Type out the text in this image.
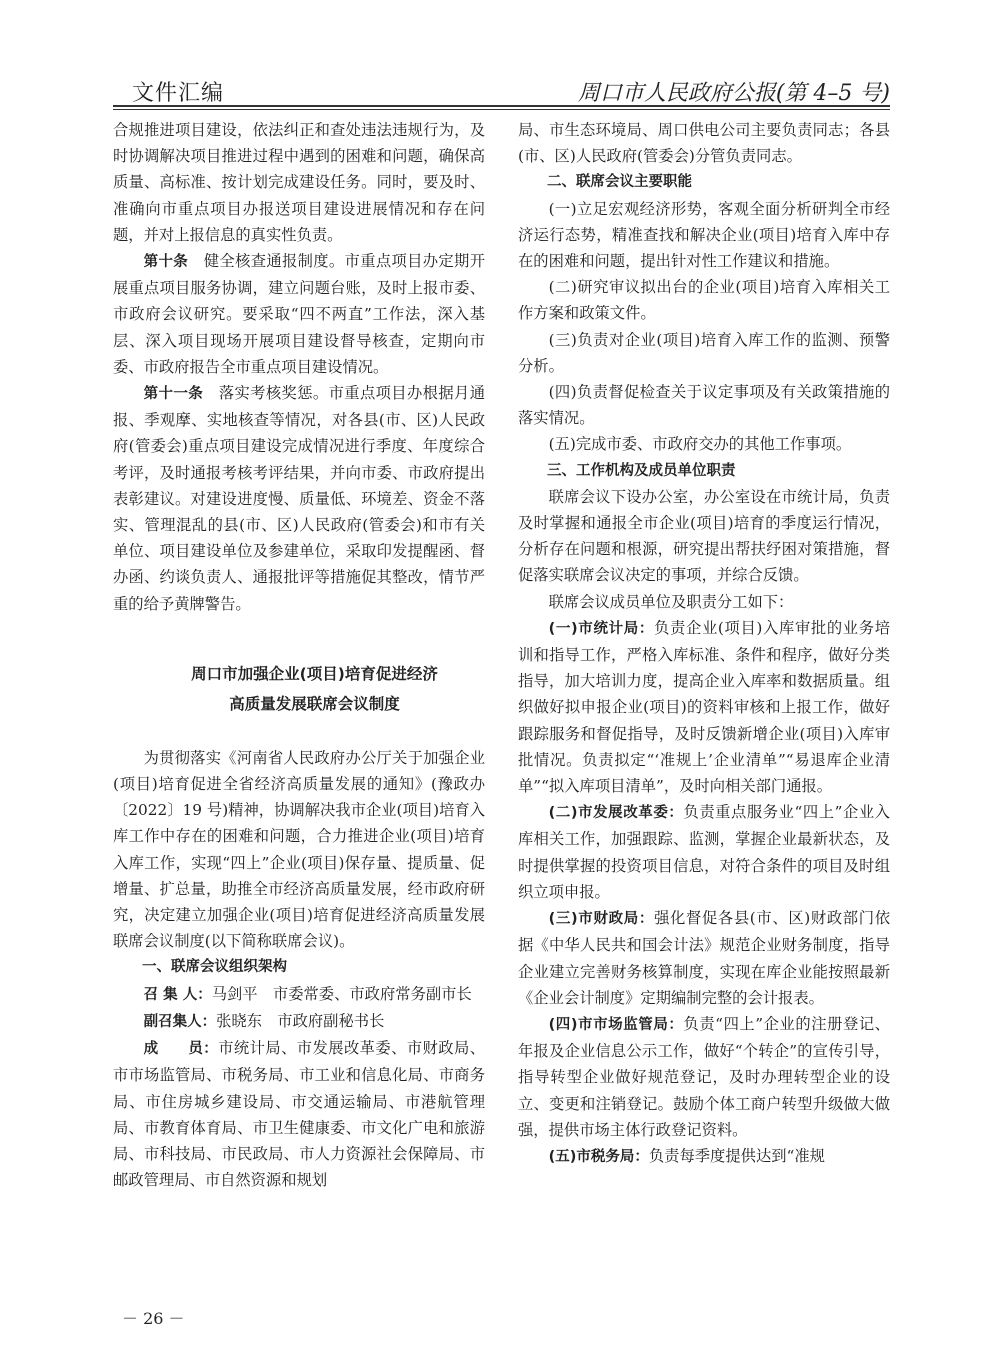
文件汇编	周口市人民政府公报(第 4–5 号)

合规推进项目建设，依法纠正和查处违法违规行为，及时协调解决项目推进过程中遇到的困难和问题，确保高质量、高标准、按计划完成建设任务。同时，要及时、准确向市重点项目办报送项目建设进展情况和存在问题，并对上报信息的真实性负责。

第十条　健全核查通报制度。市重点项目办定期开展重点项目服务协调，建立问题台账，及时上报市委、市政府会议研究。要采取“四不两直”工作法，深入基层、深入项目现场开展项目建设督导核查，定期向市委、市政府报告全市重点项目建设情况。

第十一条　落实考核奖惩。市重点项目办根据月通报、季观摩、实地核查等情况，对各县(市、区)人民政府(管委会)重点项目建设完成情况进行季度、年度综合考评，及时通报考核考评结果，并向市委、市政府提出表彰建议。对建设进度慢、质量低、环境差、资金不落实、管理混乱的县(市、区)人民政府(管委会)和市有关单位、项目建设单位及参建单位，采取印发提醒函、督办函、约谈负责人、通报批评等措施促其整改，情节严重的给予黄牌警告。

周口市加强企业(项目)培育促进经济

高质量发展联席会议制度

为贯彻落实《河南省人民政府办公厅关于加强企业(项目)培育促进全省经济高质量发展的通知》(豫政办〔2022〕19 号)精神，协调解决我市企业(项目)培育入库工作中存在的困难和问题，合力推进企业(项目)培育入库工作，实现“四上”企业(项目)保存量、提质量、促增量、扩总量，助推全市经济高质量发展，经市政府研究，决定建立加强企业(项目)培育促进经济高质量发展联席会议制度(以下简称联席会议)。

一、联席会议组织架构

召 集 人：马剑平　市委常委、市政府常务副市长

副召集人：张晓东　市政府副秘书长

成　　员：市统计局、市发展改革委、市财政局、市市场监管局、市税务局、市工业和信息化局、市商务局、市住房城乡建设局、市交通运输局、市港航管理局、市教育体育局、市卫生健康委、市文化广电和旅游局、市科技局、市民政局、市人力资源社会保障局、市邮政管理局、市自然资源和规划

局、市生态环境局、周口供电公司主要负责同志；各县(市、区)人民政府(管委会)分管负责同志。

二、联席会议主要职能

(一)立足宏观经济形势，客观全面分析研判全市经济运行态势，精准查找和解决企业(项目)培育入库中存在的困难和问题，提出针对性工作建议和措施。

(二)研究审议拟出台的企业(项目)培育入库相关工作方案和政策文件。

(三)负责对企业(项目)培育入库工作的监测、预警分析。

(四)负责督促检查关于议定事项及有关政策措施的落实情况。

(五)完成市委、市政府交办的其他工作事项。

三、工作机构及成员单位职责

联席会议下设办公室，办公室设在市统计局，负责及时掌握和通报全市企业(项目)培育的季度运行情况，分析存在问题和根源，研究提出帮扶纾困对策措施，督促落实联席会议决定的事项，并综合反馈。

联席会议成员单位及职责分工如下：

(一)市统计局：负责企业(项目)入库审批的业务培训和指导工作，严格入库标准、条件和程序，做好分类指导，加大培训力度，提高企业入库率和数据质量。组织做好拟申报企业(项目)的资料审核和上报工作，做好跟踪服务和督促指导，及时反馈新增企业(项目)入库审批情况。负责拟定“‘准规上’企业清单”“易退库企业清单”“拟入库项目清单”，及时向相关部门通报。

(二)市发展改革委：负责重点服务业“四上”企业入库相关工作，加强跟踪、监测，掌握企业最新状态，及时提供掌握的投资项目信息，对符合条件的项目及时组织立项申报。

(三)市财政局：强化督促各县(市、区)财政部门依据《中华人民共和国会计法》规范企业财务制度，指导企业建立完善财务核算制度，实现在库企业能按照最新《企业会计制度》定期编制完整的会计报表。

(四)市市场监管局：负责“四上”企业的注册登记、年报及企业信息公示工作，做好“个转企”的宣传引导，指导转型企业做好规范登记，及时办理转型企业的设立、变更和注销登记。鼓励个体工商户转型升级做大做强，提供市场主体行政登记资料。

(五)市税务局：负责每季度提供达到“准规

－ 26 －
